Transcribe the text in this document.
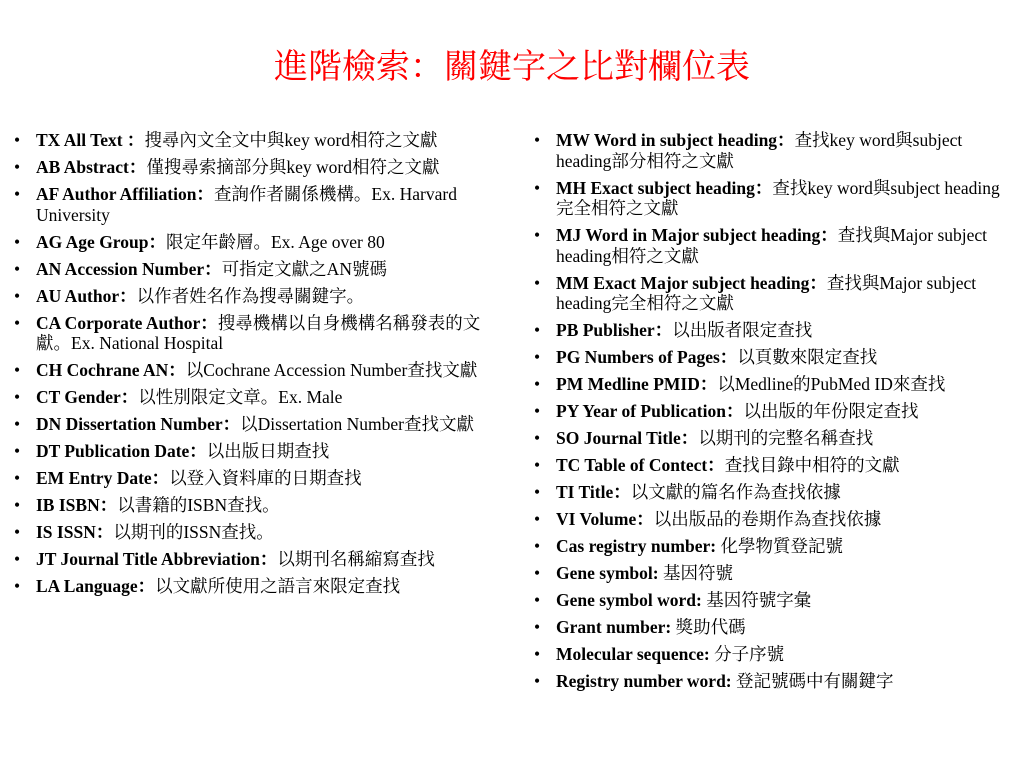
進階檢索：關鍵字之比對欄位表
• TX All Text ：搜尋內文全文中與key word相符之文獻
• AB Abstract：僅搜尋索摘部分與key word相符之文獻
• AF Author Affiliation：查詢作者關係機構。Ex. Harvard University
• AG Age Group：限定年齡層。Ex. Age over 80
• AN Accession Number：可指定文獻之AN號碼
• AU Author：以作者姓名作為搜尋關鍵字。
• CA Corporate Author：搜尋機構以自身機構名稱發表的文獻。Ex. National Hospital
• CH Cochrane AN：以Cochrane Accession Number查找文獻
• CT Gender：以性別限定文章。Ex. Male
• DN Dissertation Number：以Dissertation Number查找文獻
• DT Publication Date：以出版日期查找
• EM Entry Date：以登入資料庫的日期查找
• IB ISBN：以書籍的ISBN查找。
• IS ISSN：以期刊的ISSN查找。
• JT Journal Title Abbreviation：以期刊名稱縮寫查找
• LA Language：以文獻所使用之語言來限定查找
• MW Word in subject heading：查找key word與subject heading部分相符之文獻
• MH Exact subject heading：查找key word與subject heading 完全相符之文獻
• MJ Word in Major subject heading：查找與Major subject heading相符之文獻
• MM Exact Major subject heading：查找與Major subject heading完全相符之文獻
• PB Publisher：以出版者限定查找
• PG Numbers of Pages：以頁數來限定查找
• PM Medline PMID：以Medline的PubMed ID來查找
• PY Year of Publication：以出版的年份限定查找
• SO Journal Title：以期刊的完整名稱查找
• TC Table of Contect：查找目錄中相符的文獻
• TI Title：以文獻的篇名作為查找依據
• VI Volume：以出版品的卷期作為查找依據
• Cas registry number: 化學物質登記號
• Gene symbol: 基因符號
• Gene symbol word: 基因符號字彙
• Grant number: 獎助代碼
• Molecular sequence: 分子序號
• Registry number word: 登記號碼中有關鍵字
